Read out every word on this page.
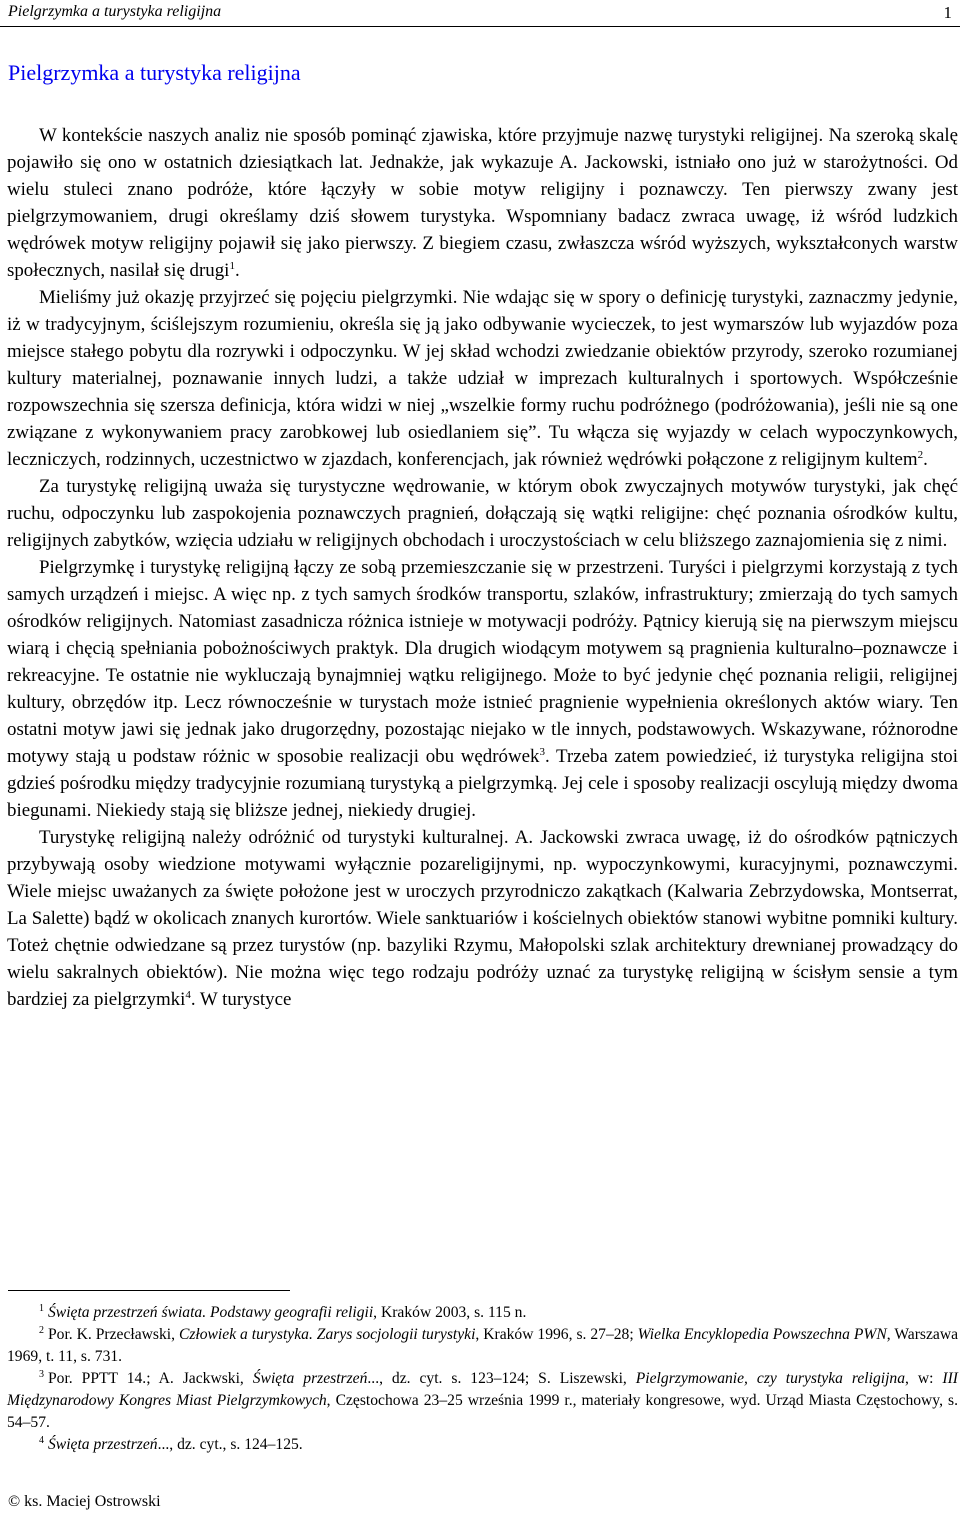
Pielgrzymka a turystyka religijna	1
Pielgrzymka a turystyka religijna

W kontekście naszych analiz nie sposób pominąć zjawiska, które przyjmuje nazwę turystyki religijnej. Na szeroką skalę pojawiło się ono w ostatnich dziesiątkach lat. Jednakże, jak wykazuje A. Jackowski, istniało ono już w starożytności. Od wielu stuleci znano podróże, które łączyły w sobie motyw religijny i poznawczy. Ten pierwszy zwany jest pielgrzymowaniem, drugi określamy dziś słowem turystyka. Wspomniany badacz zwraca uwagę, iż wśród ludzkich wędrówek motyw religijny pojawił się jako pierwszy. Z biegiem czasu, zwłaszcza wśród wyższych, wykształconych warstw społecznych, nasilał się drugi$^1$.

Mieliśmy już okazję przyjrzeć się pojęciu pielgrzymki. Nie wdając się w spory o definicję turystyki, zaznaczmy jedynie, iż w tradycyjnym, ściślejszym rozumieniu, określa się ją jako odbywanie wycieczek, to jest wymarszów lub wyjazdów poza miejsce stałego pobytu dla rozrywki i odpoczynku. W jej skład wchodzi zwiedzanie obiektów przyrody, szeroko rozumianej kultury materialnej, poznawanie innych ludzi, a także udział w imprezach kulturalnych i sportowych. Współcześnie rozpowszechnia się szersza definicja, która widzi w niej „wszelkie formy ruchu podróżnego (podróżowania), jeśli nie są one związane z wykonywaniem pracy zarobkowej lub osiedlaniem się”. Tu włącza się wyjazdy w celach wypoczynkowych, leczniczych, rodzinnych, uczestnictwo w zjazdach, konferencjach, jak również wędrówki połączone z religijnym kultem$^2$.

Za turystykę religijną uważa się turystyczne wędrowanie, w którym obok zwyczajnych motywów turystyki, jak chęć ruchu, odpoczynku lub zaspokojenia poznawczych pragnień, dołączają się wątki religijne: chęć poznania ośrodków kultu, religijnych zabytków, wzięcia udziału w religijnych obchodach i uroczystościach w celu bliższego zaznajomienia się z nimi.

Pielgrzymkę i turystykę religijną łączy ze sobą przemieszczanie się w przestrzeni. Turyści i pielgrzymi korzystają z tych samych urządzeń i miejsc. A więc np. z tych samych środków transportu, szlaków, infrastruktury; zmierzają do tych samych ośrodków religijnych. Natomiast zasadnicza różnica istnieje w motywacji podróży. Pątnicy kierują się na pierwszym miejscu wiarą i chęcią spełniania pobożnościwych praktyk. Dla drugich wiodącym motywem są pragnienia kulturalno–poznawcze i rekreacyjne. Te ostatnie nie wykluczają bynajmniej wątku religijnego. Może to być jedynie chęć poznania religii, religijnej kultury, obrzędów itp. Lecz równocześnie w turystach może istnieć pragnienie wypełnienia określonych aktów wiary. Ten ostatni motyw jawi się jednak jako drugorzędny, pozostając niejako w tle innych, podstawowych. Wskazywane, różnorodne motywy stają u podstaw różnic w sposobie realizacji obu wędrówek$^3$. Trzeba zatem powiedzieć, iż turystyka religijna stoi gdzieś pośrodku między tradycyjnie rozumianą turystyką a pielgrzymką. Jej cele i sposoby realizacji oscylują między dwoma biegunami. Niekiedy stają się bliższe jednej, niekiedy drugiej.

Turystykę religijną należy odróżnić od turystyki kulturalnej. A. Jackowski zwraca uwagę, iż do ośrodków pątniczych przybywają osoby wiedzione motywami wyłącznie pozareligijnymi, np. wypoczynkowymi, kuracyjnymi, poznawczymi. Wiele miejsc uważanych za święte położone jest w uroczych przyrodniczo zakątkach (Kalwaria Zebrzydowska, Montserrat, La Salette) bądź w okolicach znanych kurortów. Wiele sanktuariów i kościelnych obiektów stanowi wybitne pomniki kultury. Toteż chętnie odwiedzane są przez turystów (np. bazyliki Rzymu, Małopolski szlak architektury drewnianej prowadzący do wielu sakralnych obiektów). Nie można więc tego rodzaju podróży uznać za turystykę religijną w ścisłym sensie a tym bardziej za pielgrzymki$^4$. W turystyce

$^1$ Święta przestrzeń świata. Podstawy geografii religii, Kraków 2003, s. 115 n.

$^2$ Por. K. Przecławski, Człowiek a turystyka. Zarys socjologii turystyki, Kraków 1996, s. 27–28; Wielka Encyklopedia Powszechna PWN, Warszawa 1969, t. 11, s. 731.

$^3$ Por. PPTT 14.; A. Jackwski, Święta przestrzeń..., dz. cyt. s. 123–124; S. Liszewski, Pielgrzymowanie, czy turystyka religijna, w: III Międzynarodowy Kongres Miast Pielgrzymkowych, Częstochowa 23–25 września 1999 r., materiały kongresowe, wyd. Urząd Miasta Częstochowy, s. 54–57.

$^4$ Święta przestrzeń..., dz. cyt., s. 124–125.

© ks. Maciej Ostrowski
